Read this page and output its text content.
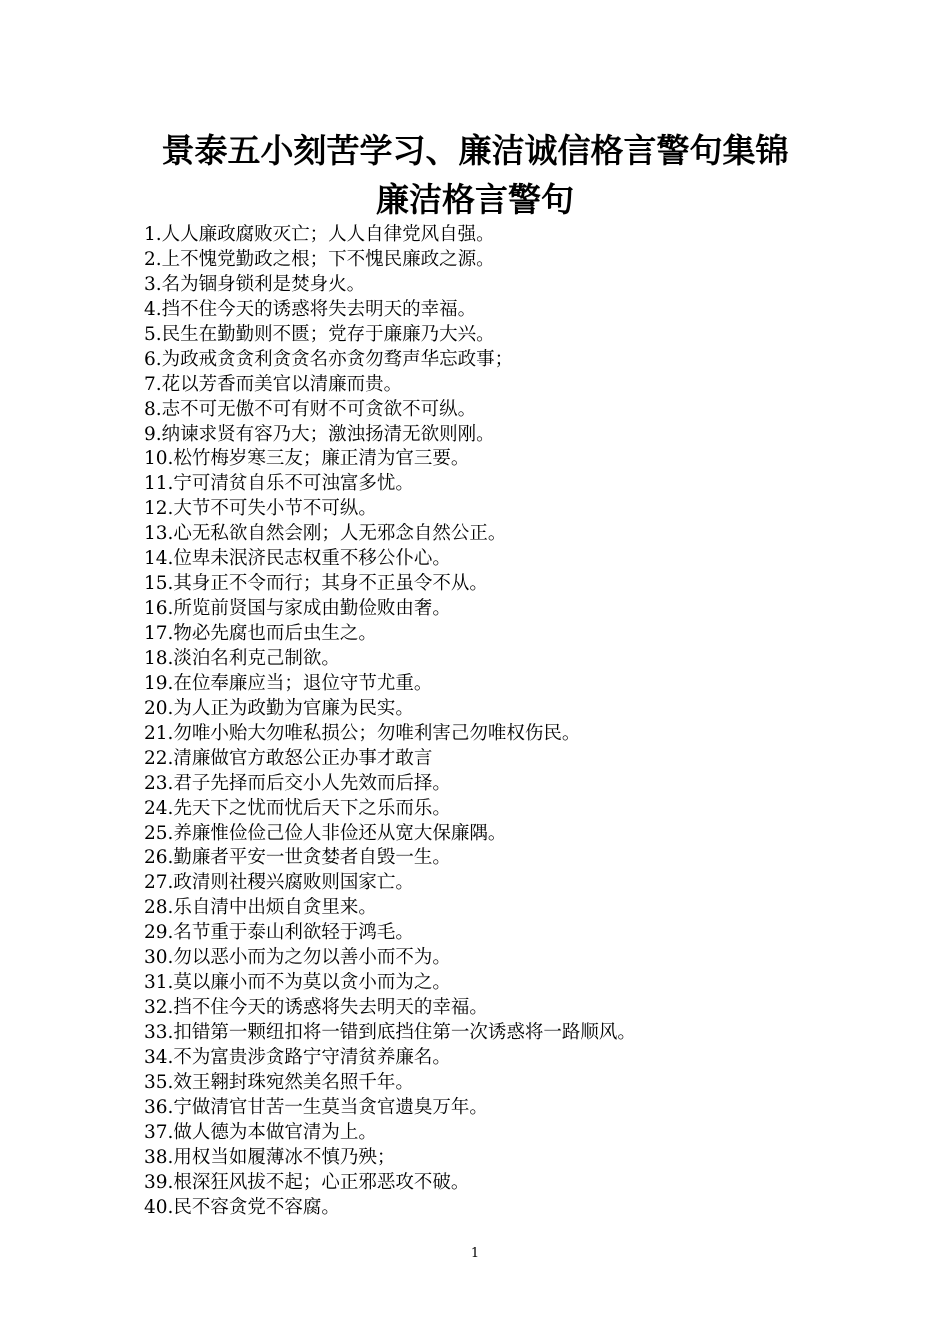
景泰五小刻苦学习、廉洁诚信格言警句集锦
廉洁格言警句
1.人人廉政腐败灭亡；人人自律党风自强。
2.上不愧党勤政之根；下不愧民廉政之源。
3.名为锢身锁利是焚身火。
4.挡不住今天的诱惑将失去明天的幸福。
5.民生在勤勤则不匮；党存于廉廉乃大兴。
6.为政戒贪贪利贪贪名亦贪勿骛声华忘政事；
7.花以芳香而美官以清廉而贵。
8.志不可无傲不可有财不可贪欲不可纵。
9.纳谏求贤有容乃大；激浊扬清无欲则刚。
10.松竹梅岁寒三友；廉正清为官三要。
11.宁可清贫自乐不可浊富多忧。
12.大节不可失小节不可纵。
13.心无私欲自然会刚；人无邪念自然公正。
14.位卑未泯济民志权重不移公仆心。
15.其身正不令而行；其身不正虽令不从。
16.所览前贤国与家成由勤俭败由奢。
17.物必先腐也而后虫生之。
18.淡泊名利克己制欲。
19.在位奉廉应当；退位守节尤重。
20.为人正为政勤为官廉为民实。
21.勿唯小贻大勿唯私损公；勿唯利害己勿唯权伤民。
22.清廉做官方敢怒公正办事才敢言
23.君子先择而后交小人先效而后择。
24.先天下之忧而忧后天下之乐而乐。
25.养廉惟俭俭己俭人非俭还从宽大保廉隅。
26.勤廉者平安一世贪婪者自毁一生。
27.政清则社稷兴腐败则国家亡。
28.乐自清中出烦自贪里来。
29.名节重于泰山利欲轻于鸿毛。
30.勿以恶小而为之勿以善小而不为。
31.莫以廉小而不为莫以贪小而为之。
32.挡不住今天的诱惑将失去明天的幸福。
33.扣错第一颗纽扣将一错到底挡住第一次诱惑将一路顺风。
34.不为富贵涉贪路宁守清贫养廉名。
35.效王翱封珠宛然美名照千年。
36.宁做清官甘苦一生莫当贪官遗臭万年。
37.做人德为本做官清为上。
38.用权当如履薄冰不慎乃殃；
39.根深狂风拔不起；心正邪恶攻不破。
40.民不容贪党不容腐。
1
